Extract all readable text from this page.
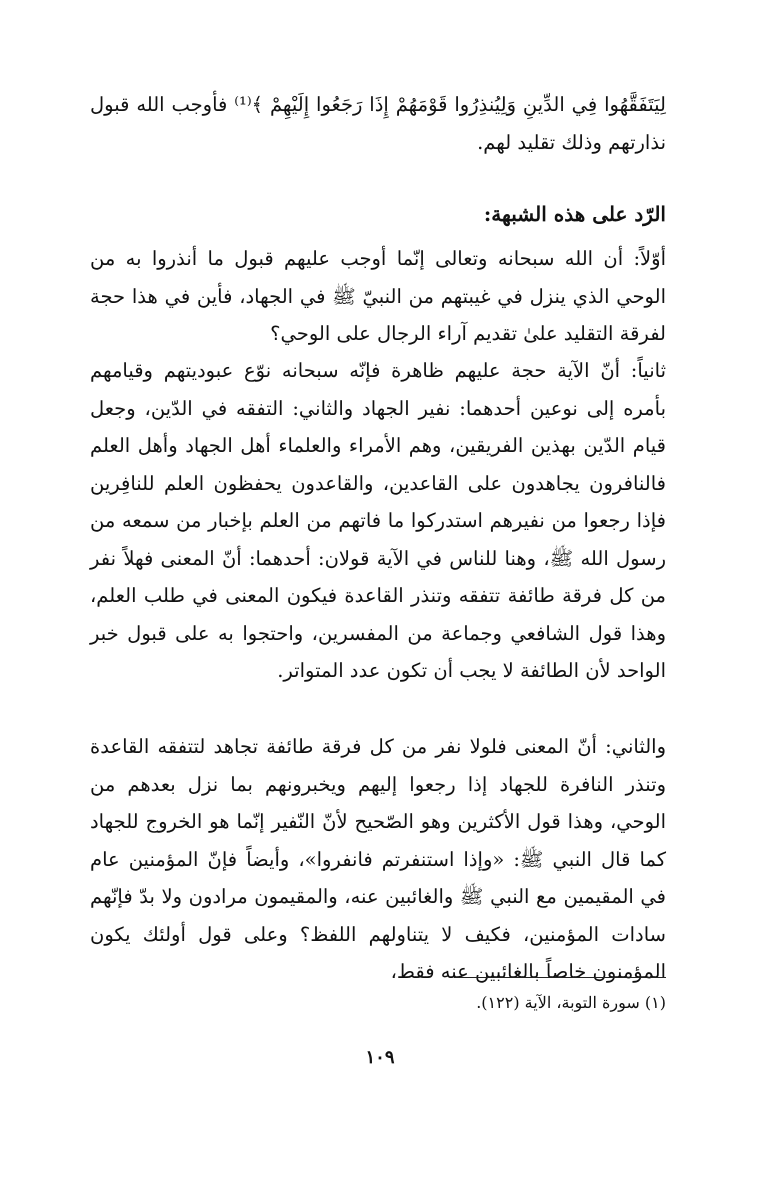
لِيَتَفَقَّهُوا فِي الدِّينِ وَلِيُنذِرُوا قَوْمَهُمْ إِذَا رَجَعُوا إِلَيْهِمْ ﴾⁽¹⁾ فأوجب الله قبول نذارتهم وذلك تقليد لهم.

الرّد على هذه الشبهة:

أوّلاً: أن الله سبحانه وتعالى إنّما أوجب عليهم قبول ما أنذروا به من الوحي الذي ينزل في غيبتهم من النبيّ ﷺ في الجهاد، فأين في هذا حجة لفرقة التقليد علىٰ تقديم آراء الرجال على الوحي؟

ثانياً: أنّ الآية حجة عليهم ظاهرة فإنّه سبحانه نوّع عبوديتهم وقيامهم بأمره إلى نوعين أحدهما: نفير الجهاد والثاني: التفقه في الدّين، وجعل قيام الدّين بهذين الفريقين، وهم الأمراء والعلماء أهل الجهاد وأهل العلم فالنافرون يجاهدون على القاعدين، والقاعدون يحفظون العلم للنافِرين فإذا رجعوا من نفيرهم استدركوا ما فاتهم من العلم بإخبار من سمعه من رسول الله ﷺ، وهنا للناس في الآية قولان: أحدهما: أنّ المعنى فهلاً نفر من كل فرقة طائفة تتفقه وتنذر القاعدة فيكون المعنى في طلب العلم، وهذا قول الشافعي وجماعة من المفسرين، واحتجوا به على قبول خبر الواحد لأن الطائفة لا يجب أن تكون عدد المتواتر.

والثاني: أنّ المعنى فلولا نفر من كل فرقة طائفة تجاهد لتتفقه القاعدة وتنذر النافرة للجهاد إذا رجعوا إليهم ويخبرونهم بما نزل بعدهم من الوحي، وهذا قول الأكثرين وهو الصّحيح لأنّ النّفير إنّما هو الخروج للجهاد كما قال النبي ﷺ: «وإذا استنفرتم فانفروا»، وأيضاً فإنّ المؤمنين عام في المقيمين مع النبي ﷺ والغائبين عنه، والمقيمون مرادون ولا بدّ فإنّهم سادات المؤمنين، فكيف لا يتناولهم اللفظ؟ وعلى قول أولئك يكون المؤمنون خاصاً بالغائبين عنه فقط،

(١) سورة التوبة، الآية (١٢٢).

١٠٩
